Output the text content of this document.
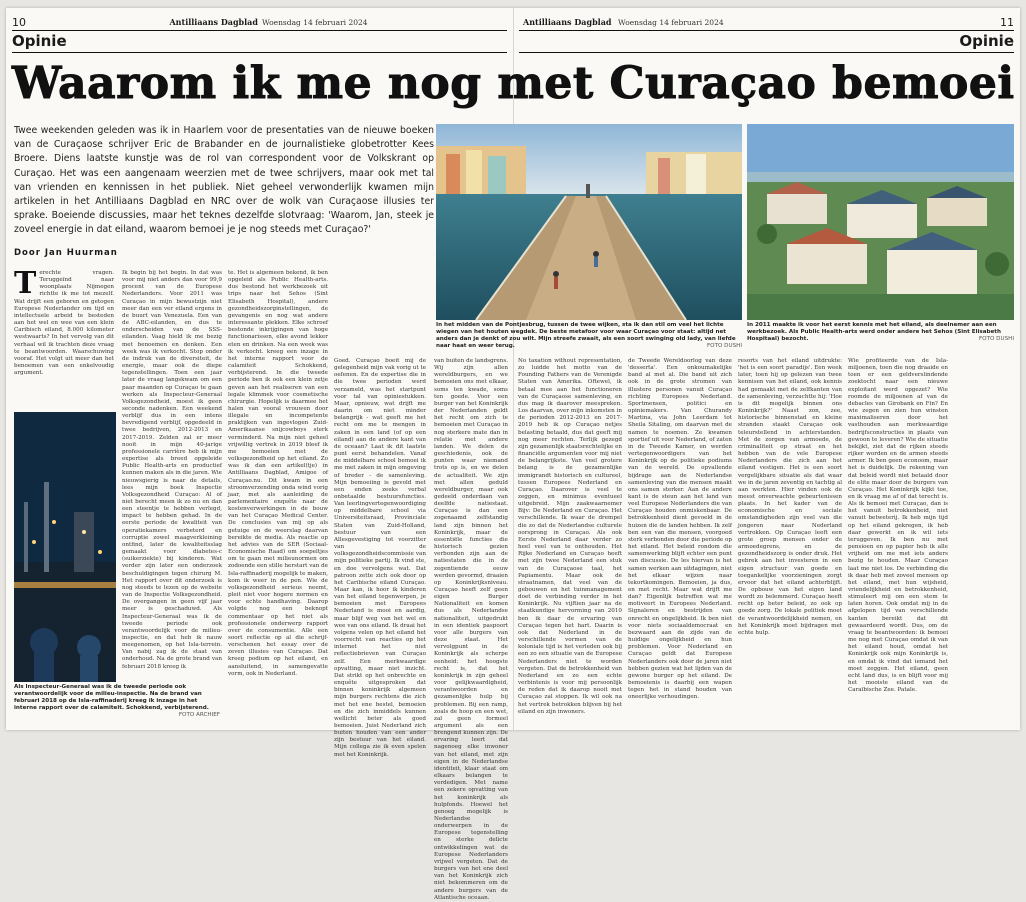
10	Antilliaans Dagblad Woensdag 14 februari 2024	Antilliaans Dagblad Woensdag 14 februari 2024	11
Opinie	Opinie
Waarom ik me nog met Curaçao bemoei

Twee weekenden geleden was ik in Haarlem voor de presentaties van de nieuwe boeken van de Curaçaose schrijver Eric de Brabander en de journalistieke globetrotter Kees Broere. Diens laatste kunstje was de rol van correspondent voor de Volkskrant op Curaçao. Het was een aangenaam weerzien met de twee schrijvers, maar ook met tal van vrienden en kennissen in het publiek. Niet geheel verwonderlijk kwamen mijn artikelen in het Antilliaans Dagblad en NRC over de wolk van Curaçaose illusies ter sprake. Boeiende discussies, maar het teknes dezelfde slotvraag: 'Waarom, Jan, steek je zoveel energie in dat eiland, waarom bemoei je je nog steeds met Curaçao?'

Door Jan Huurman
T erechte vragen. Teruggeïnd naar woonplaats Nijmegen richtte ik me tot mezelf. Wat drijft een geboren en getogen Europese Nederlander om tijd en intellectuele arbeid te besteden aan het wel en wee van een klein Caribisch eiland, 8.000 kilometer westwaarts? In het vervolg van dit verhaal wil ik trachten deze vraag te beantwoorden. Waarschuwing vooraf. Het volgt uit meer dan het benoemen van een enkelvoudig argument.

Ik begin bij het begin. In dat was voor mij niet anders dan voor 99,9 procent van de Europese Nederlanders. Voor 2011 was Curaçao in mijn bewustzijn niet meer dan een ver eiland ergens in de buurt van Venezuela. Een van de ABC-eilanden, en dus te onderscheiden van de SSS-eilanden. Vaag hield ik me bezig met benoemen en denken. Een week was ik verkocht. Stop onder de indruk van de diversiteit, de energie, maar ook de diepe tegenstellingen. Toen een jaar later de vraag langskwam om een paar maanden op Curaçao te gaan werken als Inspecteur-Generaal Volksgezondheid, moest ik geen seconde nadenken. Een weekend verblijf dus in een intens bevredigend verblijf, opgedeeld in twee bedrijven, 2012-2013 en 2017-2019. Zelden zal er meer nooit in mijn 40-jarige professionele carrière heb ik mijn expertise als breed opgeleide Public Health-arts en productief kunnen maken als in die jaren. Wie nieuwsgierig is naar de details, lees mijn boek Inspectie Volksgezondheid Curaçao: Al of niet berecht meen ik zo nu en dan een steentje te hebben verlegd, impact te hebben gehad. In de eerste periode de kwaliteit van operatiekamers verbeterd en corruptie zowel maagverkleining ontfind, later de kwaliteitsslag gemaakt voor diabetes-c (suikerziekte) bij kinderen. Wat verder zijn later een onderzoek beschuldigingen tegen chirurg M. Het rapport over dit onderzoek is nog steeds te lezen op de website van de Inspectie Volksgezondheid. De overgangen in geen vijf jaar meer is geschaduwd. Als Inspecteur-Generaal was ik de tweede periode ook verantwoordelijk voor de milieu-inspectie, en dat heb ik nauw meegenomen, op het Isla-terrein. Van nabij zag ik de staat van onderhoud. Na de grote brand van februari 2018 kreeg ik

te. Het is algemeen bekend, ik ben opgeleid als Public Health-arts. dus bestond het werkbezoek uit trips naar het Sehos (Sint Elisabeth Hospital), andere gezondheidszorginstellingen, de gevangenis en nog wat andere interessante plekken. Elke schroef bestonde inkrijgingen van hoge functionarissen, elke avond lekker eten en drinken. Na een week was ik verkocht. kreeg een inzage in het interne rapport voor de calamiteit Schokkend, verbijsterend. In die tweede periode ben ik ook een klein zetje geven aan het realiseren van een legale klimmek voor cosmetische chirurgie. Hopelijk is daarmee het halen van vooral vrouwen door illegale en incompetente praktijken van ingevlogen Zuid-Amerikaanse snijcowboys sterk verminderd. Na mijn niet geheel vrijwillig vertrek in 2019 bleef ik me bemoeien met de volksgezondheid op het eiland. Zo was ik dan een artikel(tje) in Antilliaans Dagblad, Amigoe of Curaçao.nu. Dit kwam in een stroomverzending onda wind vorig jaar, met als aanleiding de parlementaire enquête naar de kostenverwerkingen in de bouw van het Curaçao Medical Center. De conclusies van mij op als getuige en de weerslag daarvan bereikte de media. Als reactie op het advies van de SER (Sociaal-Economische Raad) om soepeltjes om te gaan met milieunormen om zodoende een stille herstart van de Isla-raffinaderij mogelijk te maken, kom ik weer in de pen. Wie de volksgezondheid serieus neemt, pleit niet voor hogere normen en voor echte handhaving. Daarop volgde nog een beknopt commentaar op het niet als professionele onderwerp rapport over de consumentie. Alle een soort reflectie op al die schrijf-verschenen het essay over de zeven illusies van Curaçao. Dat kreeg podium op het eiland, en aansluitend, in samengevatte vorm, ook in Nederland.

Goed. Curaçao boeit mij de gelegenheid mijn vak vorig ut te oefenen. En de expertise die in die twee perioden werd verzameld, was het startpunt voor tal van opiniestukken. Maar, opnieuw, wat drijft me daarin om niet minder belangrijk - wat geeft me het recht om me te mengen in zaken in een land (of op een eiland) aan de andere kant van de oceaan? Laat ik dit laatste punt eerst behandelen. Vanaf de middelbare school bemoei ik me met zaken in mijn omgeving of breder - de samenleving. Mijn bemoeiing is gevold met een enden zeeks verbal onbetaalde bestuursfuncties. Van leerlingvertegenwoordiging op middelbare school via Universiteitsraad, Provinciale Staten van Zuid-Holland, bestuur van een Allesgevestiging tot voorzitter van de volksgezondheidscommissie van mijn politieke partij. Ik vind ste, en doe vervolgens wat. Dat patroon zette zich ook door op het Caribische eiland Curaçao. Maar kan, ik hoor ik kinderen van het eiland tegenwerpen, je bemoeien met Europees Nederland is mooi en aardig, maar blijf weg van het wel en wee van ons eiland. Ik draai het volgens velen op het eiland het voorrecht van reacties op het internet het niet reflectiebrieven van Curaçao zelf. Een merkwaardige opvatting, maar niet inzicht. Dat strikt op het onbrechte en enquête uitgesproken dat binnen koninkrijk algemeen mijn burgers rechtens die zich met het ene bestel, bemoeien en die zich inmiddels kunnen wellicht beter als goed bemoeien. Juist Nederland zich buiten houden van een ander zijn bestuur van het eiland. Mijn collega zie ik even spelen met het Koninkrijk.

van buiten de landsgrens. Wij zijn allen wereldburgers, en we bemoeien ons met elkaar, soms ten kwade, soms ten goede. Voor een burger van het Koninkrijk der Nederlanden geldt het recht om zich te bemoeien met Curaçao in nog sterkere mate dan in relatie met andere landen. We delen de geschiedenis, ook de punten waar niemand trots op is, en we delen de actualiteit. We zijn met allen geduld wereldburger, maar ook gedeeld onderdaan van deelfde natiestaat. Curaçao is dan een zogenaamd zelfstandig land zijn binnen het Koninkrijk, maar de essentiële functies die historisch gezien verbonden zijn aan de natiestaten die in de zegentiende eeuw werden gevormd, draaien op Koninkrijksniveau. Curaçao heeft zelf geen eigen Burger Nationaliteit en komen dus als Nederlandse nationaliteit, uitgedrukt in een identiek paspoort voor alle burgers van deze staat. Het vervolgpunt in de Koninkrijk als scherpe eenheid: het hoogste recht is, dat het koninkrijk in zijn geheel voor gelijkwaardigheid, verantwoorden en gezamenlijke hulp bij problemen. Bij een ramp, zoals de hoop en een wet, zal geen formeel argument als een brengend kunnen zijn. De ervaring leert dat nagenoeg elke inwoner van het eiland, met zijn eigen in de Nederlandse identiteit, klaar staat om elkaars belangen te verdedigen. Met name een zekere opvatting van het koninkrijk als hulpfonds. Hoewel het genoeg mogelijk is Nederlandse onderwerpen in de Europese tegenstelling en sterke delicte ontwikkelingen wat de Europese Nederlanders vrijwel vergeten. Dat de burgers van het ene deel van het Koninkrijk zich niet bekommeren om de andere burgers van de Atlantische oceaan.

No taxation without representation, zo luidde het motto van de Founding Fathers van de Verenigde Staten van Amerika. Oftewel, ik betaal mee aan het functioneren van de Curaçaose samenleving, en dus mag ik daarover meespreken. Los daarvan, over mijn inkomsten in de perioden 2012-2013 en 2017-2019 heb ik op Curaçao netjes belasting betaald, dus dat geeft mij nog meer rechten. Terlijk gezegd zijn gezamenlijk staatsrechtelijke en financiële argumenten voor mij niet de belangrijkste. Van veel grotere belang is de gezamenlijke immigrandt historisch en cultureel, tussen Europees Nederland en Curaçao. Daarover is veel te zeggen, en minimus eventueel uitgebreid. Mijn zaakwaarnemer Bijv: De Nederland en Curaçao. Het verschillende. Ik waar de drempel die zo dat de Nederlandse culturele oorsprong in Curaçao. Als ook Eerste Nederland daar verder zo heel veel van te onthouden. Het Rijke Nederland en Curaçao heeft met zijn twee Nederland een stuk van de Curaçaose taal, het Papiamentu. Maar ook de straatnamen, dat veel van de gebouwen en het tuinmanagement doet de verbinding verder in het Koninkrijk. Nu vijftien jaar na de staatkundige hervorming van 2010 ben ik daar de ervaring van Curaçao tegen het hart. Daarin is ook dat Nederland in de verschillende vormen van de koloniale tijd is het verleden ook bij een zo een situatie van de Europese Nederlanders niet te worden vergeten. Dat de betrokkenheid van Nederland en zo een echte verbintenis is voor mij persoonlijk de reden dat ik daarop nooit met Curaçao zal stoppen. Ik wil ook na het vertrek betrokken blijven bij het eiland en zijn inwoners.

de Tweede Wereldoorlog van deze 'desserta'. Een onkoumakelijke band al met al. Die band uit zich ook in de grote stromen van illustere personen vanuit Curaçao richting Europees Nederland. Sportmensen, politici en opiniemakers. Van Churandy Martina, via John Leerdam tot Sheila Sitaling, om daarvan met de namen te noemen. Ze kwamen sportief uit voor Nederland, of zaten in de Tweede Kamer, en werden vertegenwoordigers van het Koninkrijk op de politieke podiums van de wereld. De opvallende bijdrage aan de Nederlandse samenleving van die mensen maakt ons samen sterker. Aan de andere kant is de steun aan het land van veel Europese Nederlanders die van Curaçao houden onmiskenbaar. De betrokkenheid dient gevoeld in de huizen die de landen hebben. Ik zelf ben een van die mensen, voorgoed sterk verbonden door die periode op het eiland. Het beleid rondom die samenwerking blijft echter een punt van discussie. De les hiervan is het samen werken aan uitdagingen, niet het elkaar wijzen naar tekortkomingen. Bemoeien, ja dus, en met recht. Maar wat drijft me dan? Eigenlijk betreffen wat me motiveert in Europees Nederland. Signaleren en bestrijden van onrecht en ongelijkheid. Ik ben niet voor niets sociaaldemocraat en bezwaard aan de zijde van de huidige ongelijkheid en hun problemen. Voor Nederland en Curaçao geldt dat Europese Nederlanders ook door de jaren niet hebben gezien wat het lijden van de gewone burger op het eiland. De bemoeienis is daarbij een wapen tegen het in stand houden van oneerlijke verhoudingen.

resorts van het eiland uitdrukte: 'het is een soort paradijs'. Een week later, toen hij op gelezen van twee kennisen van het eiland, ook kennis had gemaakt met de zelfkanten van de samenleving, verzuchtte hij: 'Hoe is dit mogelijk binnen ons Koninkrijk?' Naast zon, zee, historische binnenstad en kleine stranden staakt Curaçao ook teleurstellend in achterstanden. Met de zorgen van armoede, de criminaliteit op straat en het hebben van de vele Europese Nederlanders die zich aan het eiland vestigen. Het is een soort vergelijkbare situatie als dat waar we in de jaren zeventig en tachtig al aan werkten. Hier vinden ook de meest onverwachte gebeurtenissen plaats. In het kader van de economische en sociale omstandigheden zijn veel van die jongeren naar Nederland vertrokken. Op Curaçao leeft een grote groep mensen onder de armoedegrens, en de gezondheidszorg is onder druk. Het gebrek aan het investeren in een eigen structuur van goede en toegankelijke voorzieningen zorgt ervoor dat het eiland achterblijft. De opbouw van het eigen land wordt zo belemmerd. Curaçao heeft recht op beter beleid, zo ook op goede zorg. De lokale politiek moet de verantwoordelijkheid nemen, en het Koninkrijk moet bijdragen met echte hulp.

Wie profiteerde van de Isla-miljoenen, toen die nog draaide en toen er een geldverslindende zoektocht naar een nieuwe exploitant werd opgezet? Wie roomde de miljoenen af van de debacles van Girobank en Fin? En wie zegen en zien hun winsten maximaliseren door het vasthouden aan merkwaardige bedrijfsconstructies in plaats van gewoon te leveren? Wie de situatie bekijkt, ziet dat de rijken steeds rijker worden en de armen steeds armer. Ik ben geen econoom, maar het is duidelijk. De rekening van dat beleid wordt niet betaald door de elite maar door de burgers van Curaçao. Het Koninkrijk kijkt toe, en ik vraag me af of dat terecht is. Als ik bemoei met Curaçao, dan is het vanuit betrokkenheid, niet vanuit betweterij. Ik heb mijn tijd op het eiland gekregen, ik heb daar gewerkt en ik wil iets teruggeven. Ik ben nu met pensioen en op papier heb ik alle vrijheid om me met iets anders bezig te houden. Maar Curaçao laat me niet los. De verbinding die ik daar heb met zoveel mensen op het eiland, met hun wijsheid, vriendelijkheid en betrokkenheid, stimuleert mij om een stem te laten horen. Ook omdat mij in de afgelopen tijd van verschillende kanten bereikt dat dit gewaardeerd wordt. Dus, om de vraag te beantwoorden: ik bemoei me nog met Curaçao omdat ik van het eiland houd, omdat het Koninkrijk ook mijn Koninkrijk is, en omdat ik vind dat iemand het moet zeggen. Het eiland, geen echt land dus, is en blijft voor mij het mooiste eiland van de Caraïbische Zee. Patale.

In het midden van de Pontjesbrug, tussen de twee wijken, sta ik dan stil om veel het lichte wiegen van het houten wegdek. De beste metafoor voor waar Curaçao voor staat: altijd net anders dan je denkt of zou wilt. Mijn streefe zwaait, als een soort swinging old lady, van liefde naar haat en weer terug.	FOTO DUSHI
In 2011 maakte ik voor het eerst kennis met het eiland, als deelnemer aan een werkbezoek. Als Public Health-arts werd onder andere het Sehos (Sint Elisabeth Hospitaal) bezocht.	FOTO DUSHI
Als Inspecteur-Generaal was ik de tweede periode ook verantwoordelijk voor de milieu-inspectie. Na de brand van februari 2018 op de Isla-raffinaderij kreeg ik inzage in het interne rapport over de calamiteit. Schokkend, verbijsterend.
FOTO ARCHIEF
